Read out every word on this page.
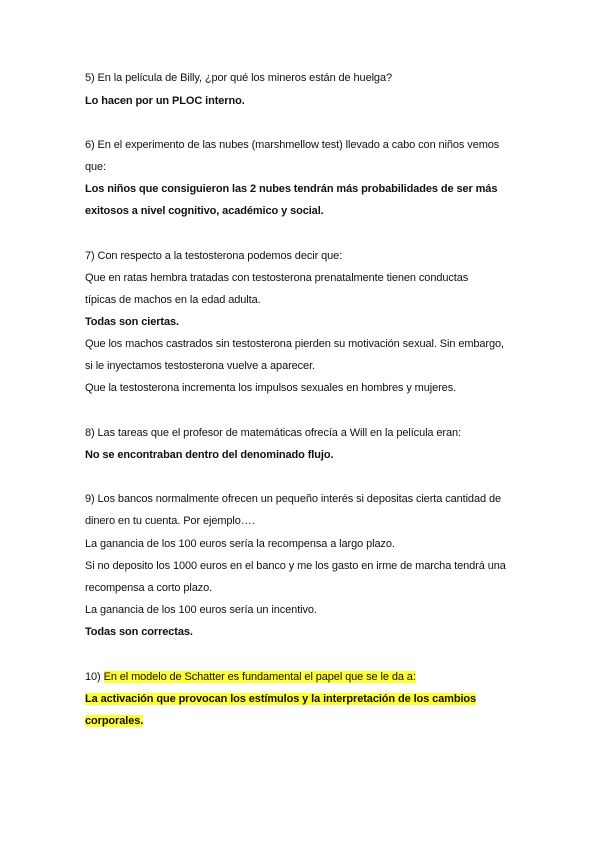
5) En la película de Billy, ¿por qué los mineros están de huelga?
Lo hacen por un PLOC interno.
6) En el experimento de las nubes (marshmellow test) llevado a cabo con niños vemos
que:
Los niños que consiguieron las 2 nubes tendrán más probabilidades de ser más
exitosos a nivel cognitivo, académico y social.
7) Con respecto a la testosterona podemos decir que:
Que en ratas hembra tratadas con testosterona prenatalmente tienen conductas
típicas de machos en la edad adulta.
Todas son ciertas.
Que los machos castrados sin testosterona pierden su motivación sexual. Sin embargo,
si le inyectamos testosterona vuelve a aparecer.
Que la testosterona incrementa los impulsos sexuales en hombres y mujeres.
8) Las tareas que el profesor de matemáticas ofrecía a Will en la película eran:
No se encontraban dentro del denominado flujo.
9) Los bancos normalmente ofrecen un pequeño interés si depositas cierta cantidad de
dinero en tu cuenta. Por ejemplo….
La ganancia de los 100 euros sería la recompensa a largo plazo.
Si no deposito los 1000 euros en el banco y me los gasto en irme de marcha tendrá una
recompensa a corto plazo.
La ganancia de los 100 euros sería un incentivo.
Todas son correctas.
10) En el modelo de Schatter es fundamental el papel que se le da a:
La activación que provocan los estímulos y la interpretación de los cambios
corporales.
